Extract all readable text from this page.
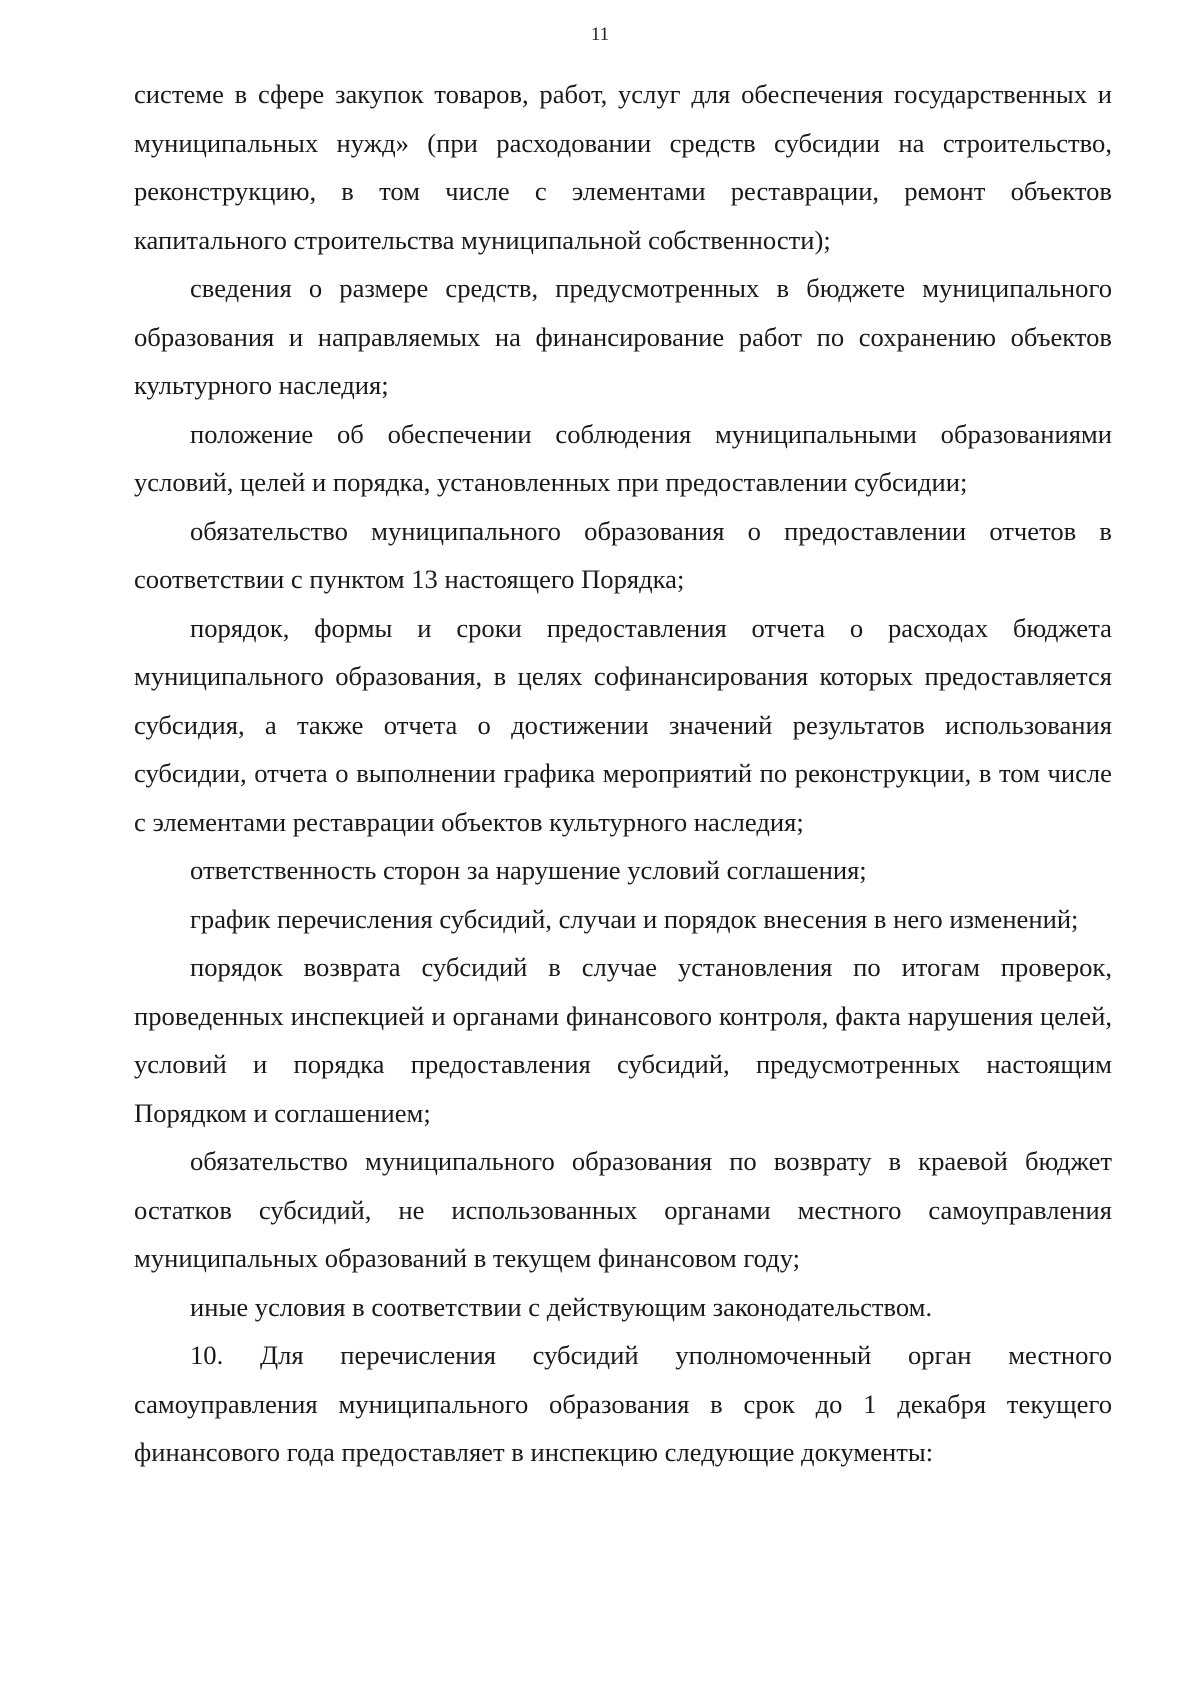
11

системе в сфере закупок товаров, работ, услуг для обеспечения государственных и муниципальных нужд» (при расходовании средств субсидии на строительство, реконструкцию, в том числе с элементами реставрации, ремонт объектов капитального строительства муниципальной собственности);

сведения о размере средств, предусмотренных в бюджете муниципального образования и направляемых на финансирование работ по сохранению объектов культурного наследия;

положение об обеспечении соблюдения муниципальными образованиями условий, целей и порядка, установленных при предоставлении субсидии;

обязательство муниципального образования о предоставлении отчетов в соответствии с пунктом 13 настоящего Порядка;

порядок, формы и сроки предоставления отчета о расходах бюджета муниципального образования, в целях софинансирования которых предоставляется субсидия, а также отчета о достижении значений результатов использования субсидии, отчета о выполнении графика мероприятий по реконструкции, в том числе с элементами реставрации объектов культурного наследия;

ответственность сторон за нарушение условий соглашения;

график перечисления субсидий, случаи и порядок внесения в него изменений;

порядок возврата субсидий в случае установления по итогам проверок, проведенных инспекцией и органами финансового контроля, факта нарушения целей, условий и порядка предоставления субсидий, предусмотренных настоящим Порядком и соглашением;

обязательство муниципального образования по возврату в краевой бюджет остатков субсидий, не использованных органами местного самоуправления муниципальных образований в текущем финансовом году;

иные условия в соответствии с действующим законодательством.

10. Для перечисления субсидий уполномоченный орган местного самоуправления муниципального образования в срок до 1 декабря текущего финансового года предоставляет в инспекцию следующие документы:
